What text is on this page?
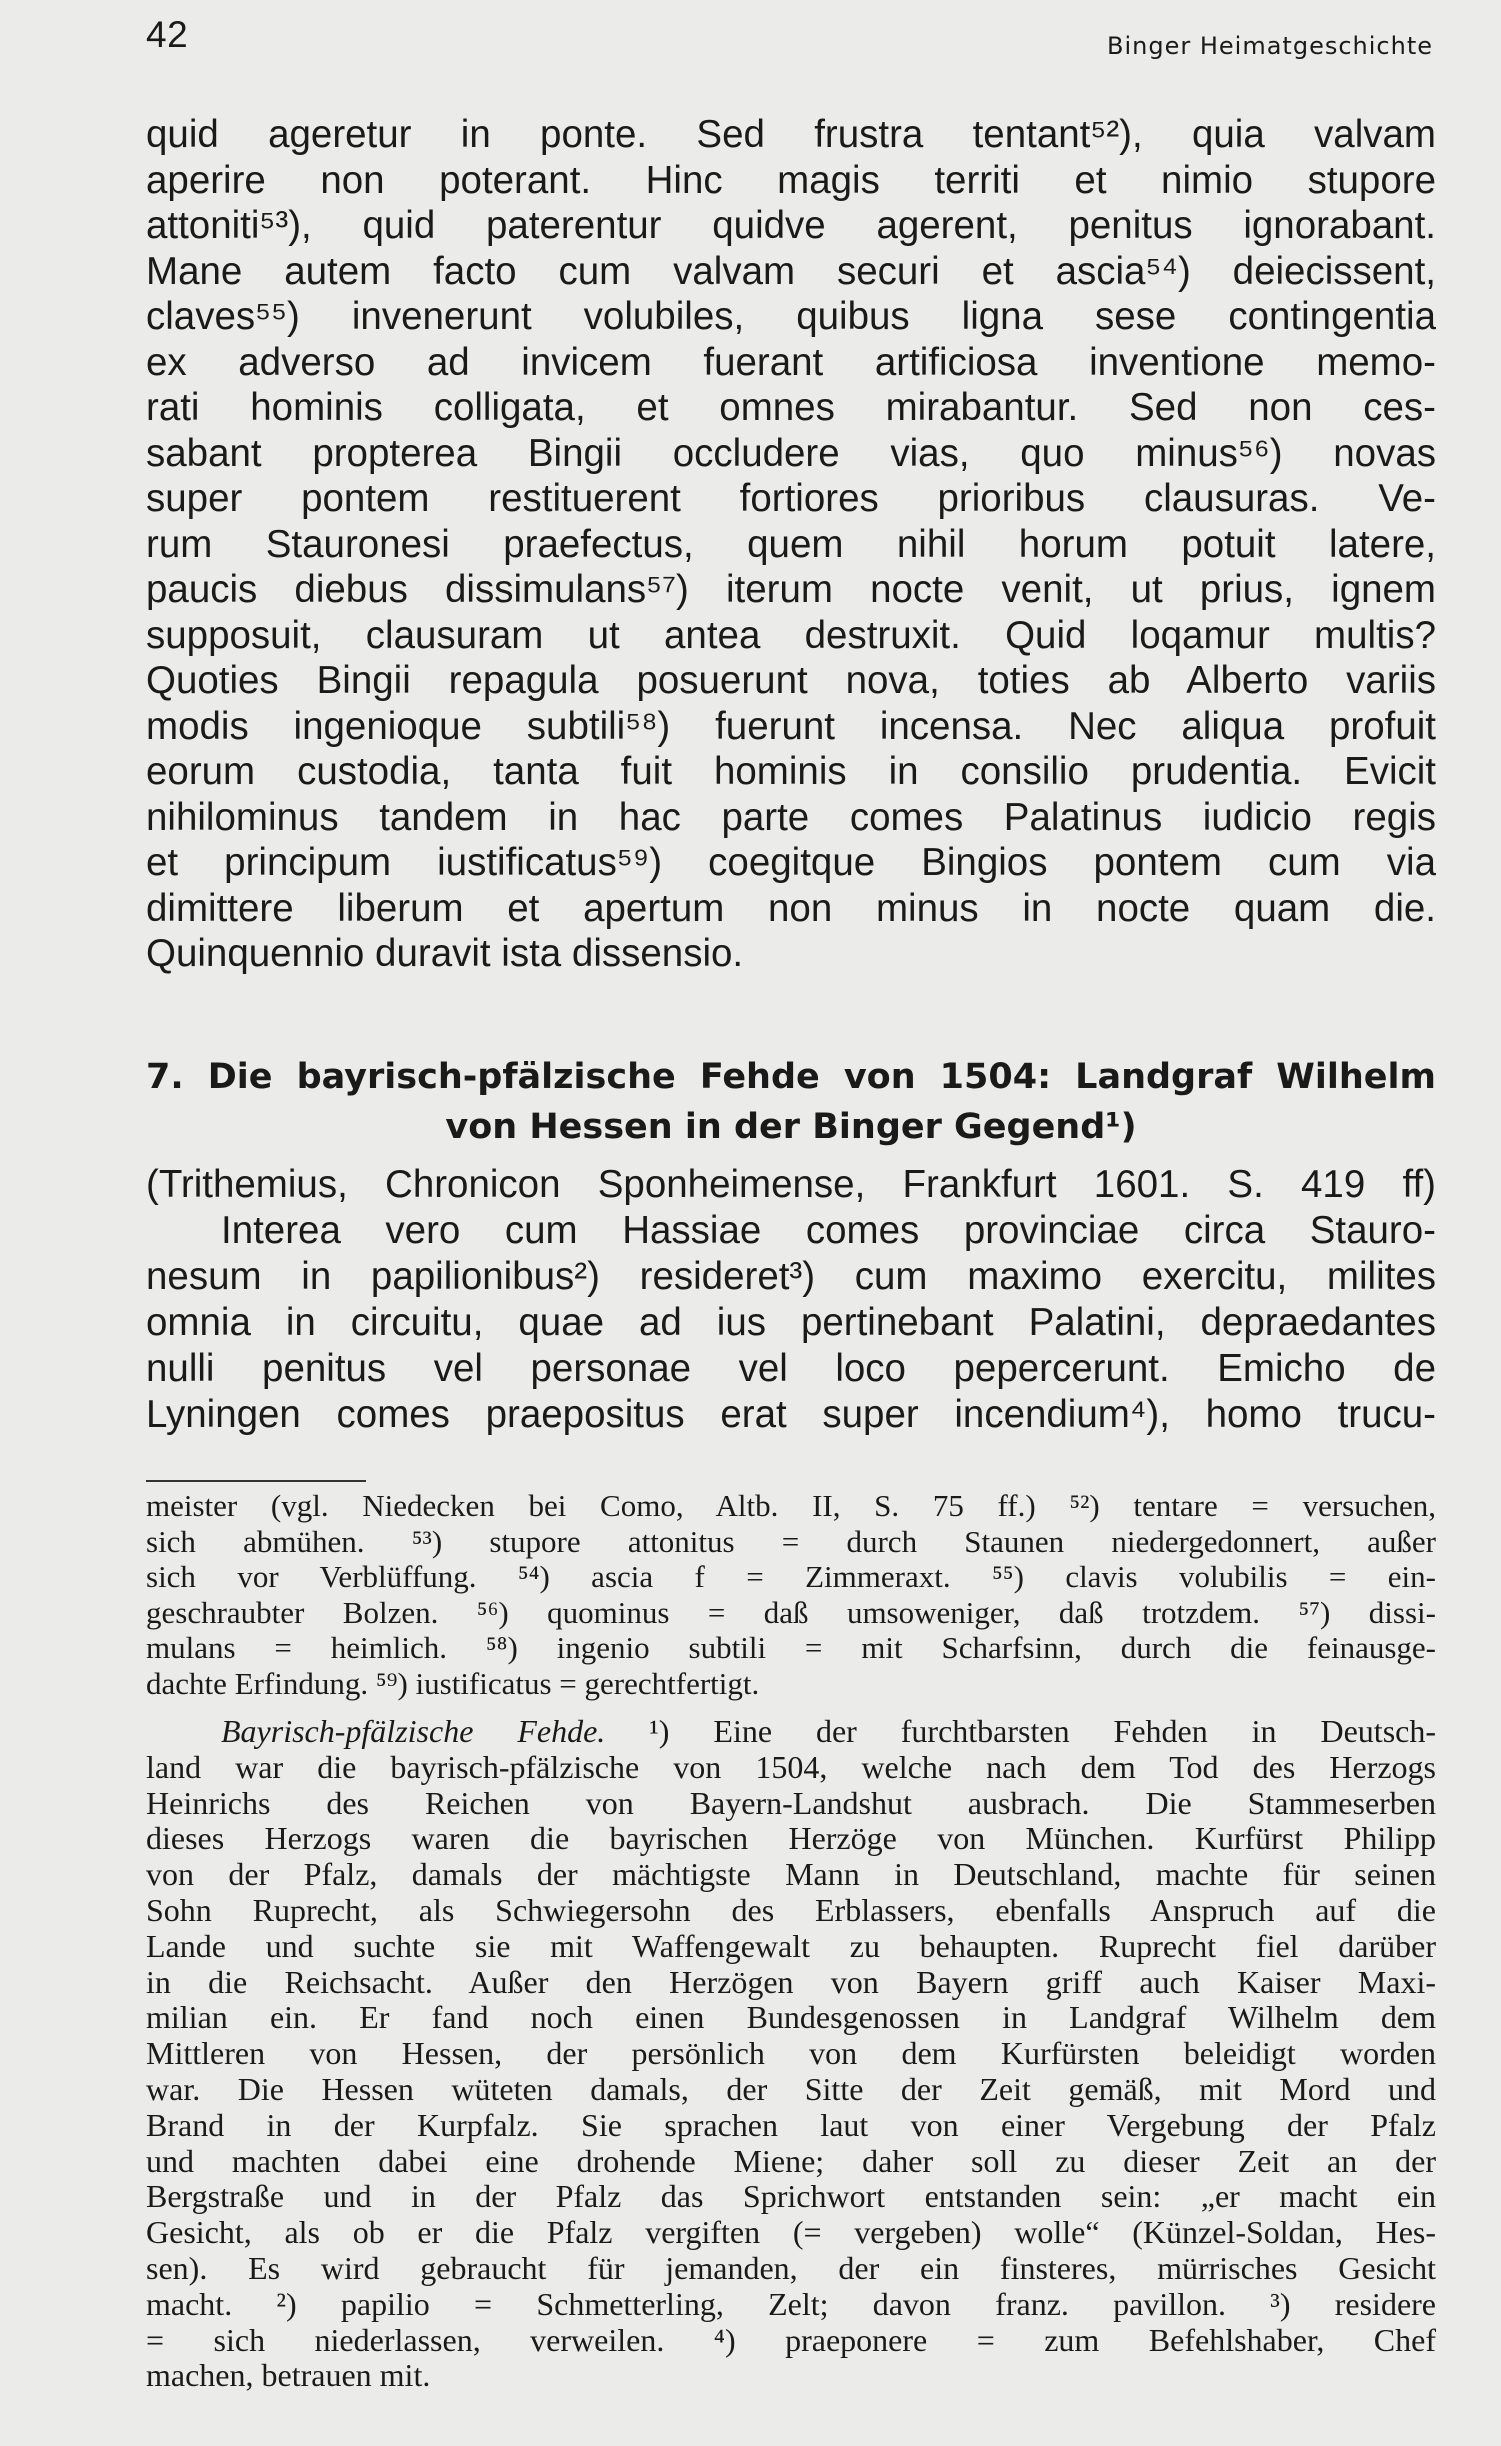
42	Binger Heimatgeschichte
quid ageretur in ponte. Sed frustra tentant⁵²), quia valvam
aperire non poterant. Hinc magis territi et nimio stupore
attoniti⁵³), quid paterentur quidve agerent, penitus ignorabant.
Mane autem facto cum valvam securi et ascia⁵⁴) deiecissent,
claves⁵⁵) invenerunt volubiles, quibus ligna sese contingentia
ex adverso ad invicem fuerant artificiosa inventione memo-
rati hominis colligata, et omnes mirabantur. Sed non ces-
sabant propterea Bingii occludere vias, quo minus⁵⁶) novas
super pontem restituerent fortiores prioribus clausuras. Ve-
rum Stauronesi praefectus, quem nihil horum potuit latere,
paucis diebus dissimulans⁵⁷) iterum nocte venit, ut prius, ignem
supposuit, clausuram ut antea destruxit. Quid loqamur multis?
Quoties Bingii repagula posuerunt nova, toties ab Alberto variis
modis ingenioque subtili⁵⁸) fuerunt incensa. Nec aliqua profuit
eorum custodia, tanta fuit hominis in consilio prudentia. Evicit
nihilominus tandem in hac parte comes Palatinus iudicio regis
et principum iustificatus⁵⁹) coegitque Bingios pontem cum via
dimittere liberum et apertum non minus in nocte quam die.
Quinquennio duravit ista dissensio.
7. Die bayrisch-pfälzische Fehde von 1504: Landgraf Wilhelm
von Hessen in der Binger Gegend¹)
(Trithemius, Chronicon Sponheimense, Frankfurt 1601. S. 419 ff)
Interea vero cum Hassiae comes provinciae circa Stauro-
nesum in papilionibus²) resideret³) cum maximo exercitu, milites
omnia in circuitu, quae ad ius pertinebant Palatini, depraedantes
nulli penitus vel personae vel loco pepercerunt. Emicho de
Lyningen comes praepositus erat super incendium⁴), homo trucu-
meister (vgl. Niedecken bei Como, Altb. II, S. 75 ff.) ⁵²) tentare = versuchen,
sich abmühen. ⁵³) stupore attonitus = durch Staunen niedergedonnert, außer
sich vor Verblüffung. ⁵⁴) ascia f = Zimmeraxt. ⁵⁵) clavis volubilis = ein-
geschraubter Bolzen. ⁵⁶) quominus = daß umsoweniger, daß trotzdem. ⁵⁷) dissi-
mulans = heimlich. ⁵⁸) ingenio subtili = mit Scharfsinn, durch die feinausge-
dachte Erfindung. ⁵⁹) iustificatus = gerechtfertigt.
Bayrisch-pfälzische Fehde. ¹) Eine der furchtbarsten Fehden in Deutsch-
land war die bayrisch-pfälzische von 1504, welche nach dem Tod des Herzogs
Heinrichs des Reichen von Bayern-Landshut ausbrach. Die Stammeserben
dieses Herzogs waren die bayrischen Herzöge von München. Kurfürst Philipp
von der Pfalz, damals der mächtigste Mann in Deutschland, machte für seinen
Sohn Ruprecht, als Schwiegersohn des Erblassers, ebenfalls Anspruch auf die
Lande und suchte sie mit Waffengewalt zu behaupten. Ruprecht fiel darüber
in die Reichsacht. Außer den Herzögen von Bayern griff auch Kaiser Maxi-
milian ein. Er fand noch einen Bundesgenossen in Landgraf Wilhelm dem
Mittleren von Hessen, der persönlich von dem Kurfürsten beleidigt worden
war. Die Hessen wüteten damals, der Sitte der Zeit gemäß, mit Mord und
Brand in der Kurpfalz. Sie sprachen laut von einer Vergebung der Pfalz
und machten dabei eine drohende Miene; daher soll zu dieser Zeit an der
Bergstraße und in der Pfalz das Sprichwort entstanden sein: „er macht ein
Gesicht, als ob er die Pfalz vergiften (= vergeben) wolle“ (Künzel-Soldan, Hes-
sen). Es wird gebraucht für jemanden, der ein finsteres, mürrisches Gesicht
macht. ²) papilio = Schmetterling, Zelt; davon franz. pavillon. ³) residere
= sich niederlassen, verweilen. ⁴) praeponere = zum Befehlshaber, Chef
machen, betrauen mit.
